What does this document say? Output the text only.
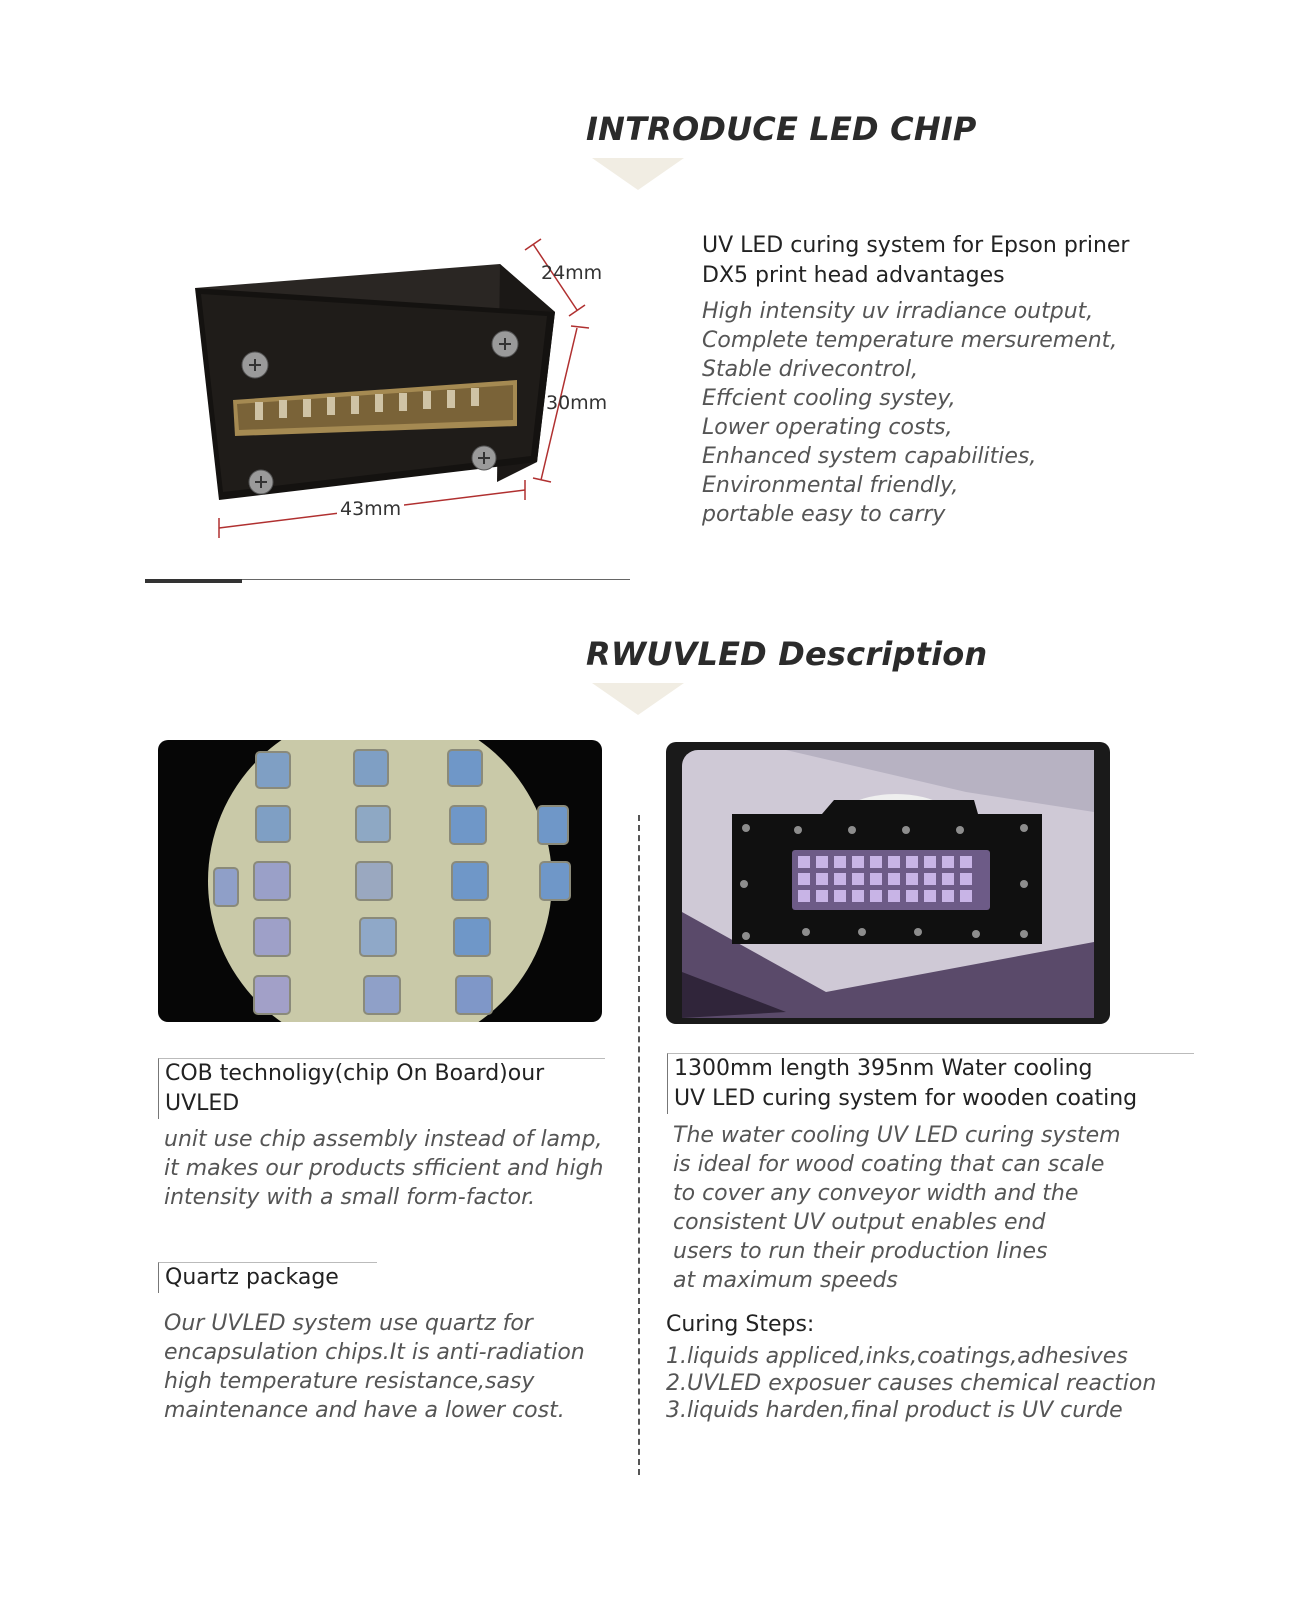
INTRODUCE LED CHIP
24mm
30mm
43mm
UV LED curing system for Epson priner
DX5 print head advantages
High intensity uv irradiance output,
Complete temperature mersurement,
Stable drivecontrol,
Effcient cooling systey,
Lower operating costs,
Enhanced system capabilities,
Environmental friendly,
portable easy to carry
RWUVLED Description
COB technoligy(chip On Board)our UVLED
unit use chip assembly instead of lamp,
it makes our products sfficient and high
intensity with a small form-factor.
Quartz package
Our UVLED system use quartz for
encapsulation chips.It is anti-radiation
high temperature resistance,sasy
maintenance and have a lower cost.
1300mm length 395nm Water cooling
UV LED curing system for wooden coating
The water cooling UV LED curing system
is ideal for wood coating that can scale
to cover any conveyor width and the
consistent UV output enables end
users to run their production lines
at maximum speeds
Curing Steps:
1.liquids appliced,inks,coatings,adhesives
2.UVLED exposuer causes chemical reaction
3.liquids harden,final product is UV curde
